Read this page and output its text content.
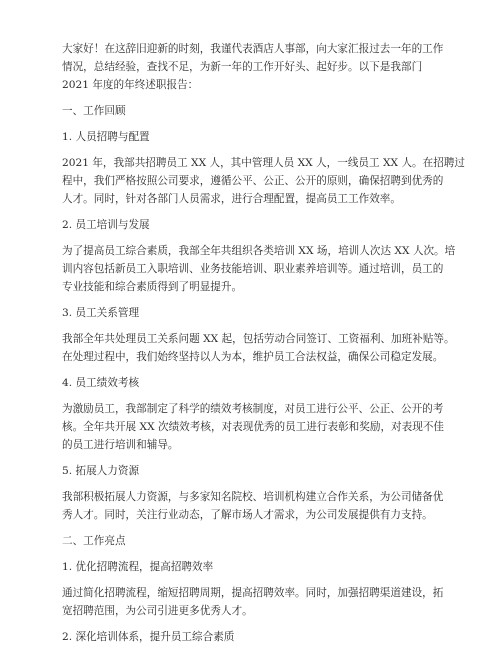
大家好！在这辞旧迎新的时刻，我谨代表酒店人事部，向大家汇报过去一年的工作

情况，总结经验，查找不足，为新一年的工作开好头、起好步。以下是我部门

2021 年度的年终述职报告：

一、工作回顾

1. 人员招聘与配置

2021 年，我部共招聘员工 XX 人，其中管理人员 XX 人，一线员工 XX 人。在招聘过

程中，我们严格按照公司要求，遵循公平、公正、公开的原则，确保招聘到优秀的

人才。同时，针对各部门人员需求，进行合理配置，提高员工工作效率。

2. 员工培训与发展

为了提高员工综合素质，我部全年共组织各类培训 XX 场，培训人次达 XX 人次。培

训内容包括新员工入职培训、业务技能培训、职业素养培训等。通过培训，员工的

专业技能和综合素质得到了明显提升。

3. 员工关系管理

我部全年共处理员工关系问题 XX 起，包括劳动合同签订、工资福利、加班补贴等。

在处理过程中，我们始终坚持以人为本，维护员工合法权益，确保公司稳定发展。

4. 员工绩效考核

为激励员工，我部制定了科学的绩效考核制度，对员工进行公平、公正、公开的考

核。全年共开展 XX 次绩效考核，对表现优秀的员工进行表彰和奖励，对表现不佳

的员工进行培训和辅导。

5. 拓展人力资源

我部积极拓展人力资源，与多家知名院校、培训机构建立合作关系，为公司储备优

秀人才。同时，关注行业动态，了解市场人才需求，为公司发展提供有力支持。

二、工作亮点

1. 优化招聘流程，提高招聘效率

通过简化招聘流程，缩短招聘周期，提高招聘效率。同时，加强招聘渠道建设，拓

宽招聘范围，为公司引进更多优秀人才。

2. 深化培训体系，提升员工综合素质
